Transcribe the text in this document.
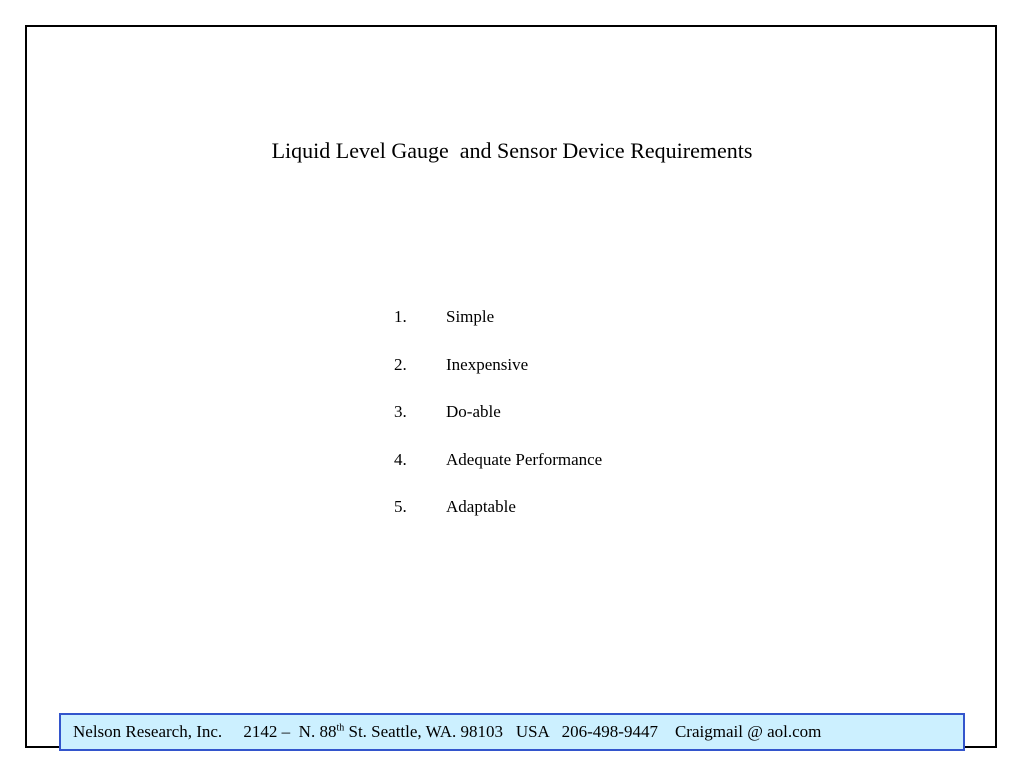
Liquid Level Gauge  and Sensor Device Requirements
1.	Simple
2.	Inexpensive
3.	Do-able
4.	Adequate Performance
5.	Adaptable
Nelson Research, Inc. 2142 –  N. 88th St. Seattle, WA. 98103 USA 206-498-9447 Craigmail @ aol.com
